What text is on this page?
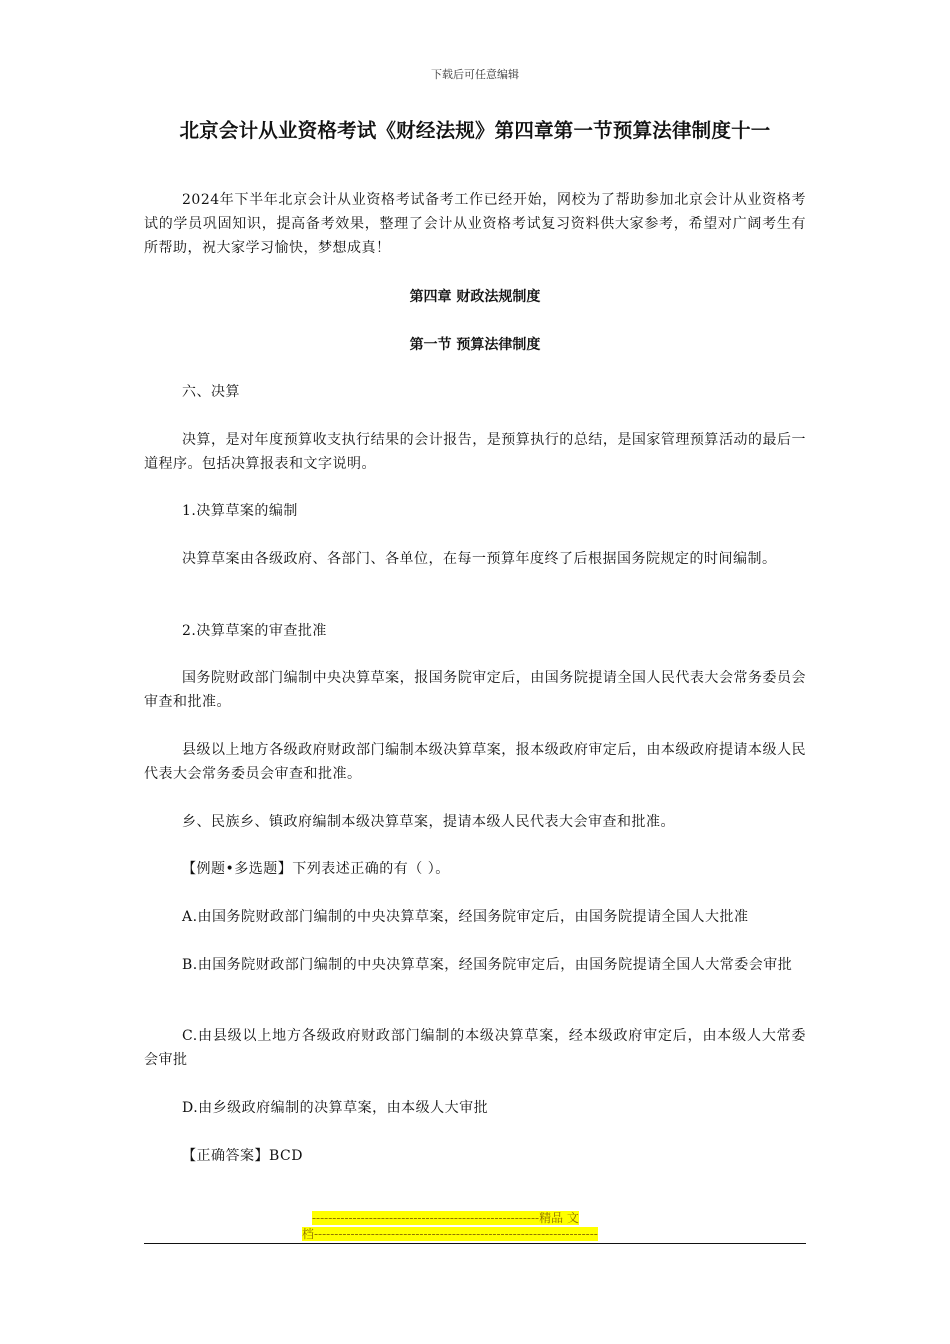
下载后可任意编辑
北京会计从业资格考试《财经法规》第四章第一节预算法律制度十一

2024年下半年北京会计从业资格考试备考工作已经开始，网校为了帮助参加北京会计从业资格考试的学员巩固知识，提高备考效果，整理了会计从业资格考试复习资料供大家参考，希望对广阔考生有所帮助，祝大家学习愉快，梦想成真！

第四章 财政法规制度

第一节 预算法律制度

六、决算

决算，是对年度预算收支执行结果的会计报告，是预算执行的总结，是国家管理预算活动的最后一道程序。包括决算报表和文字说明。

1.决算草案的编制

决算草案由各级政府、各部门、各单位，在每一预算年度终了后根据国务院规定的时间编制。

2.决算草案的审查批准

国务院财政部门编制中央决算草案，报国务院审定后，由国务院提请全国人民代表大会常务委员会审查和批准。

县级以上地方各级政府财政部门编制本级决算草案，报本级政府审定后，由本级政府提请本级人民代表大会常务委员会审查和批准。

乡、民族乡、镇政府编制本级决算草案，提请本级人民代表大会审查和批准。

【例题•多选题】下列表述正确的有（ ）。

A.由国务院财政部门编制的中央决算草案，经国务院审定后，由国务院提请全国人大批准

B.由国务院财政部门编制的中央决算草案，经国务院审定后，由国务院提请全国人大常委会审批

C.由县级以上地方各级政府财政部门编制的本级决算草案，经本级政府审定后，由本级人大常委会审批

D.由乡级政府编制的决算草案，由本级人大审批

【正确答案】BCD

--------------------------------------------------------精品 文
档----------------------------------------------------------------------
